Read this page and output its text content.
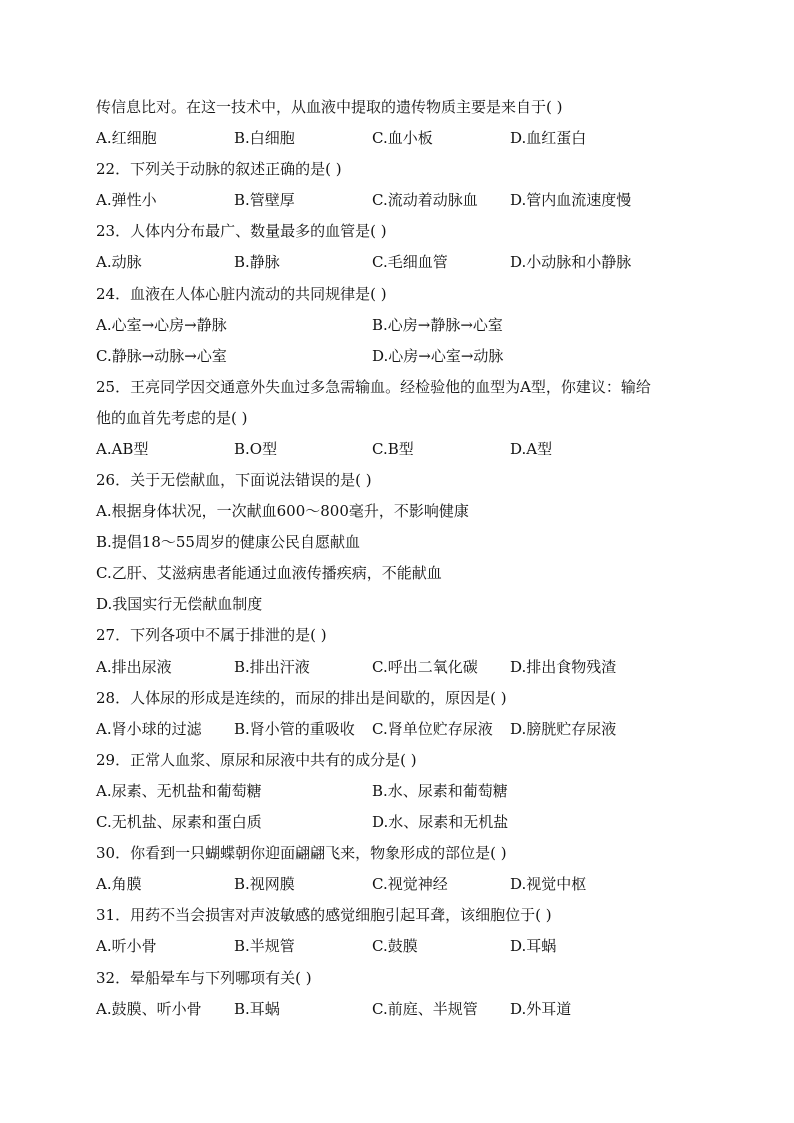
传信息比对。在这一技术中，从血液中提取的遗传物质主要是来自于( )
A.红细胞	B.白细胞	C.血小板	D.血红蛋白
22．下列关于动脉的叙述正确的是( )
A.弹性小	B.管壁厚	C.流动着动脉血 D.管内血流速度慢
23．人体内分布最广、数量最多的血管是( )
A.动脉	B.静脉	C.毛细血管	D.小动脉和小静脉
24．血液在人体心脏内流动的共同规律是( )
A.心室→心房→静脉	B.心房→静脉→心室
C.静脉→动脉→心室	D.心房→心室→动脉
25．王亮同学因交通意外失血过多急需输血。经检验他的血型为A型，你建议：输给
他的血首先考虑的是( )
A.AB型	B.O型	C.B型	D.A型
26．关于无偿献血，下面说法错误的是( )
A.根据身体状况，一次献血600～800毫升，不影响健康
B.提倡18～55周岁的健康公民自愿献血
C.乙肝、艾滋病患者能通过血液传播疾病，不能献血
D.我国实行无偿献血制度
27．下列各项中不属于排泄的是( )
A.排出尿液	B.排出汗液	C.呼出二氧化碳 D.排出食物残渣
28．人体尿的形成是连续的，而尿的排出是间歇的，原因是( )
A.肾小球的过滤 B.肾小管的重吸收 C.肾单位贮存尿液 D.膀胱贮存尿液
29．正常人血浆、原尿和尿液中共有的成分是( )
A.尿素、无机盐和葡萄糖	B.水、尿素和葡萄糖
C.无机盐、尿素和蛋白质	D.水、尿素和无机盐
30．你看到一只蝴蝶朝你迎面翩翩飞来，物象形成的部位是( )
A.角膜	B.视网膜	C.视觉神经	D.视觉中枢
31．用药不当会损害对声波敏感的感觉细胞引起耳聋，该细胞位于( )
A.听小骨	B.半规管	C.鼓膜	D.耳蜗
32．晕船晕车与下列哪项有关( )
A.鼓膜、听小骨 B.耳蜗	C.前庭、半规管 D.外耳道
